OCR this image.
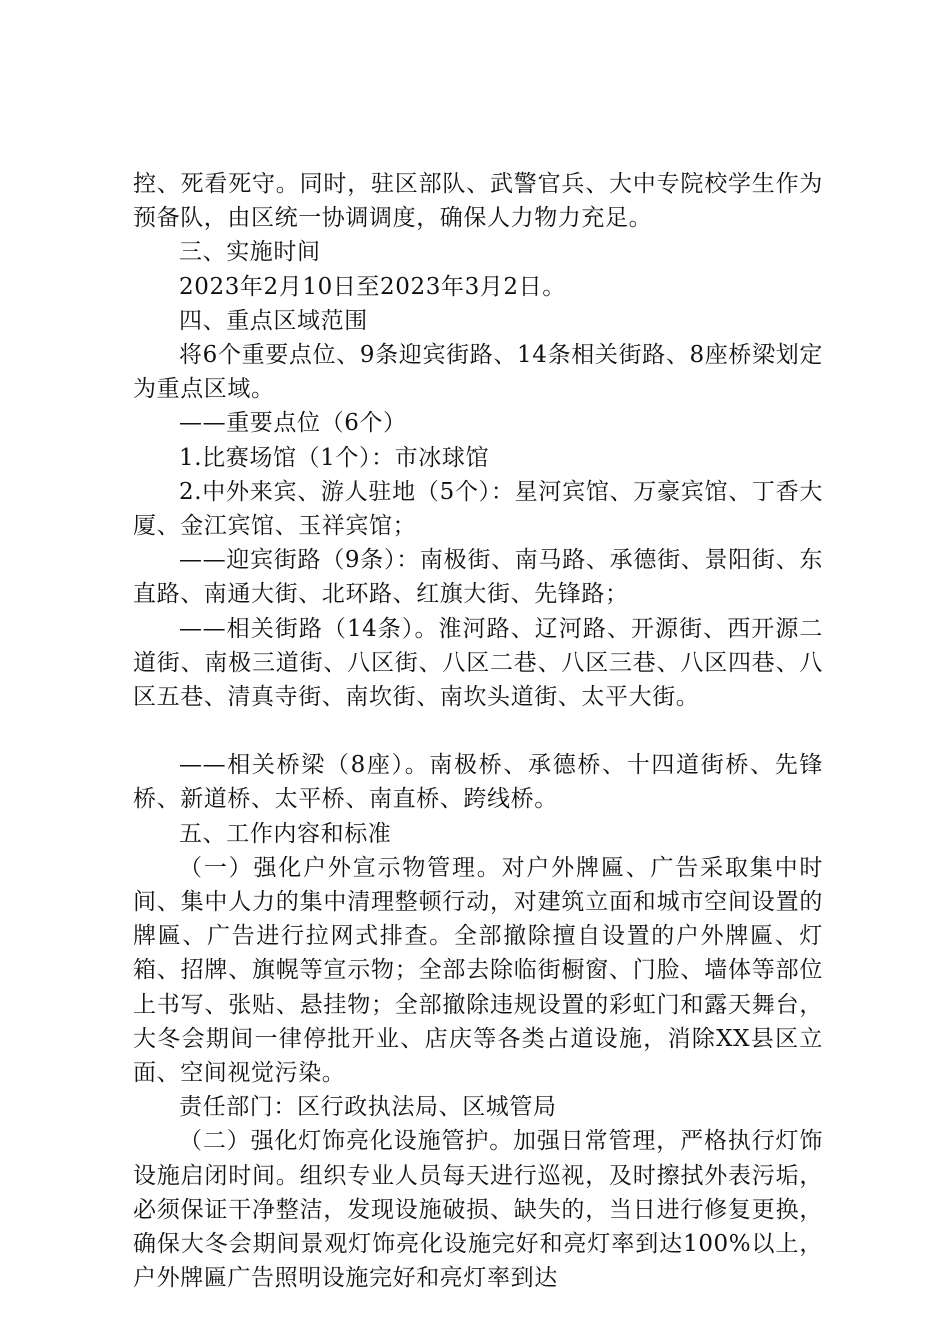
控、死看死守。同时，驻区部队、武警官兵、大中专院校学生作为预备队，由区统一协调调度，确保人力物力充足。

三、实施时间

2023年2月10日至2023年3月2日。

四、重点区域范围

将6个重要点位、9条迎宾街路、14条相关街路、8座桥梁划定为重点区域。

——重要点位（6个）

1.比赛场馆（1个）：市冰球馆

2.中外来宾、游人驻地（5个）：星河宾馆、万豪宾馆、丁香大厦、金江宾馆、玉祥宾馆；

——迎宾街路（9条）：南极街、南马路、承德街、景阳街、东直路、南通大街、北环路、红旗大街、先锋路；

——相关街路（14条）。淮河路、辽河路、开源街、西开源二道街、南极三道街、八区街、八区二巷、八区三巷、八区四巷、八区五巷、清真寺街、南坎街、南坎头道街、太平大街。

——相关桥梁（8座）。南极桥、承德桥、十四道街桥、先锋桥、新道桥、太平桥、南直桥、跨线桥。

五、工作内容和标准

（一）强化户外宣示物管理。对户外牌匾、广告采取集中时间、集中人力的集中清理整顿行动，对建筑立面和城市空间设置的牌匾、广告进行拉网式排查。全部撤除擅自设置的户外牌匾、灯箱、招牌、旗幌等宣示物；全部去除临街橱窗、门脸、墙体等部位上书写、张贴、悬挂物；全部撤除违规设置的彩虹门和露天舞台，大冬会期间一律停批开业、店庆等各类占道设施，消除XX县区立面、空间视觉污染。

责任部门：区行政执法局、区城管局

（二）强化灯饰亮化设施管护。加强日常管理，严格执行灯饰设施启闭时间。组织专业人员每天进行巡视，及时擦拭外表污垢，必须保证干净整洁，发现设施破损、缺失的，当日进行修复更换，确保大冬会期间景观灯饰亮化设施完好和亮灯率到达100%以上，户外牌匾广告照明设施完好和亮灯率到达
